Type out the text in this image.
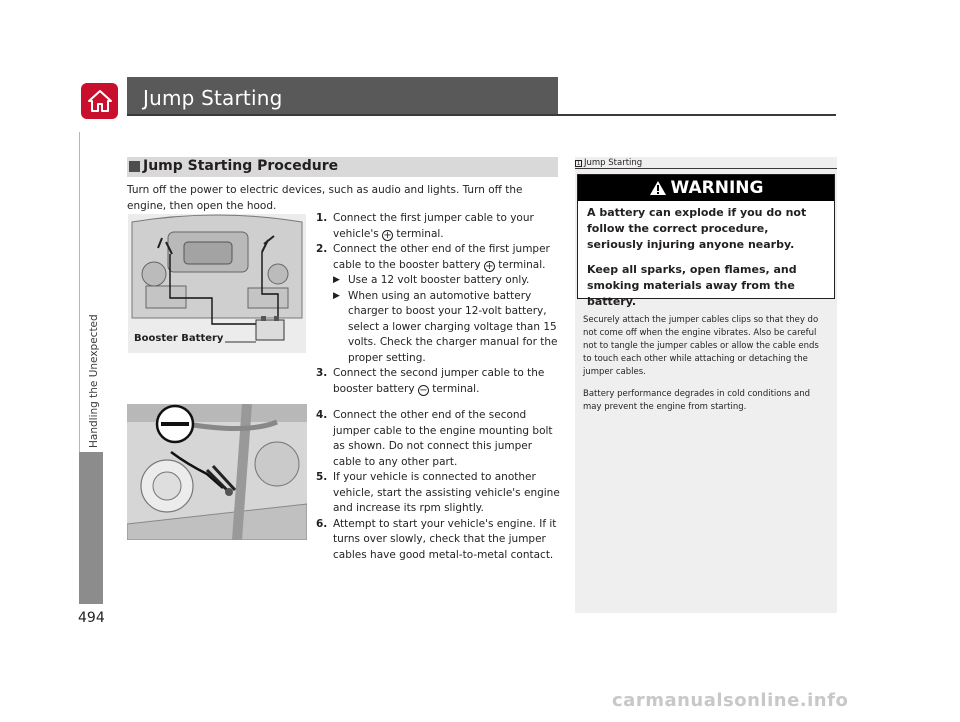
Jump Starting
Handling the Unexpected
494
Jump Starting Procedure

Turn off the power to electric devices, such as audio and lights. Turn off the engine, then open the hood.

Booster Battery
1. Connect the first jumper cable to your vehicle's + terminal.
2. Connect the other end of the first jumper cable to the booster battery + terminal.
▶ Use a 12 volt booster battery only.
▶ When using an automotive battery charger to boost your 12-volt battery, select a lower charging voltage than 15 volts. Check the charger manual for the proper setting.
3. Connect the second jumper cable to the booster battery − terminal.
4. Connect the other end of the second jumper cable to the engine mounting bolt as shown. Do not connect this jumper cable to any other part.
5. If your vehicle is connected to another vehicle, start the assisting vehicle's engine and increase its rpm slightly.
6. Attempt to start your vehicle's engine. If it turns over slowly, check that the jumper cables have good metal-to-metal contact.
1 Jump Starting
WARNING

A battery can explode if you do not follow the correct procedure, seriously injuring anyone nearby.

Keep all sparks, open flames, and smoking materials away from the battery.

Securely attach the jumper cables clips so that they do not come off when the engine vibrates. Also be careful not to tangle the jumper cables or allow the cable ends to touch each other while attaching or detaching the jumper cables.

Battery performance degrades in cold conditions and may prevent the engine from starting.

carmanualsonline.info
